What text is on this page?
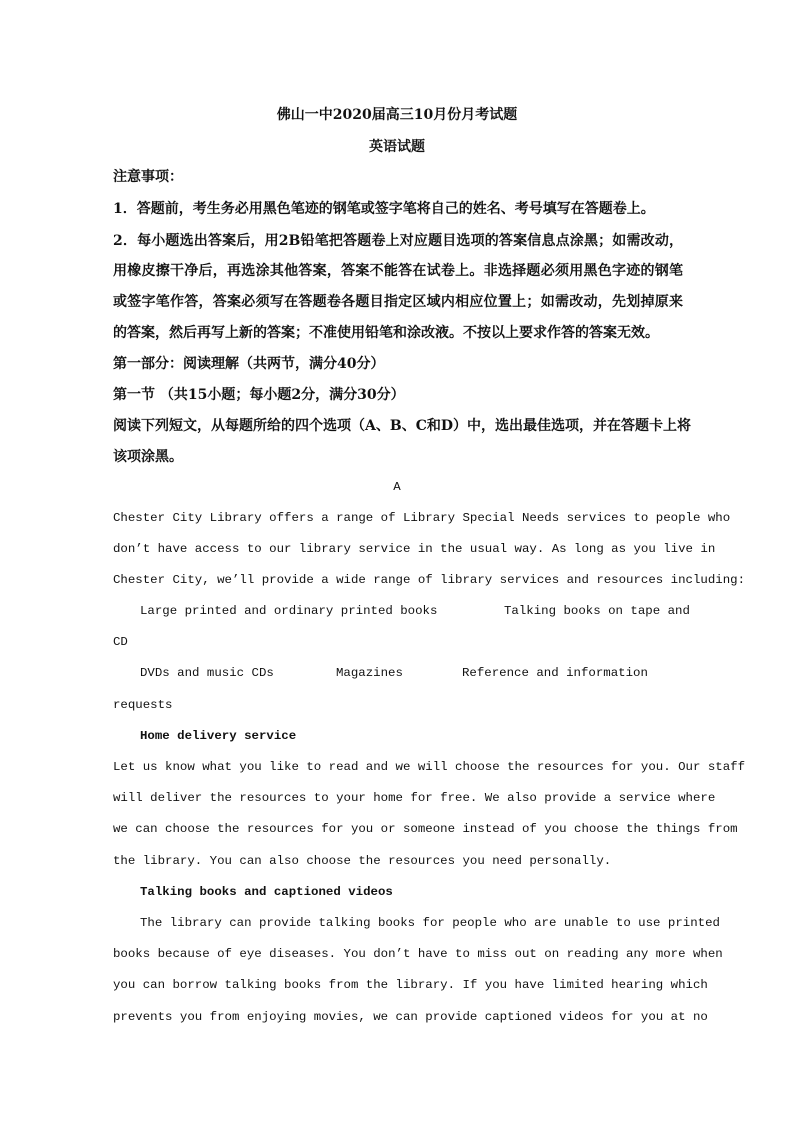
佛山一中2020届高三10月份月考试题
英语试题
注意事项：
1．答题前，考生务必用黑色笔迹的钢笔或签字笔将自己的姓名、考号填写在答题卷上。
2．每小题选出答案后，用2B铅笔把答题卷上对应题目选项的答案信息点涂黑；如需改动，
用橡皮擦干净后，再选涂其他答案，答案不能答在试卷上。非选择题必须用黑色字迹的钢笔
或签字笔作答，答案必须写在答题卷各题目指定区域内相应位置上；如需改动，先划掉原来
的答案，然后再写上新的答案；不准使用铅笔和涂改液。不按以上要求作答的答案无效。
第一部分：阅读理解（共两节，满分40分）
第一节 （共15小题；每小题2分，满分30分）
阅读下列短文，从每题所给的四个选项（A、B、C和D）中，选出最佳选项，并在答题卡上将
该项涂黑。
A
Chester City Library offers a range of Library Special Needs services to people who
don’t have access to our library service in the usual way. As long as you live in
Chester City, we’ll provide a wide range of library services and resources including:
Large printed and ordinary printed books	Talking books on tape and
CD
DVDs and music CDs	Magazines	Reference and information
requests
Home delivery service
Let us know what you like to read and we will choose the resources for you. Our staff
will deliver the resources to your home for free. We also provide a service where
we can choose the resources for you or someone instead of you choose the things from
the library. You can also choose the resources you need personally.
Talking books and captioned videos
The library can provide talking books for people who are unable to use printed
books because of eye diseases. You don’t have to miss out on reading any more when
you can borrow talking books from the library. If you have limited hearing which
prevents you from enjoying movies, we can provide captioned videos for you at no
